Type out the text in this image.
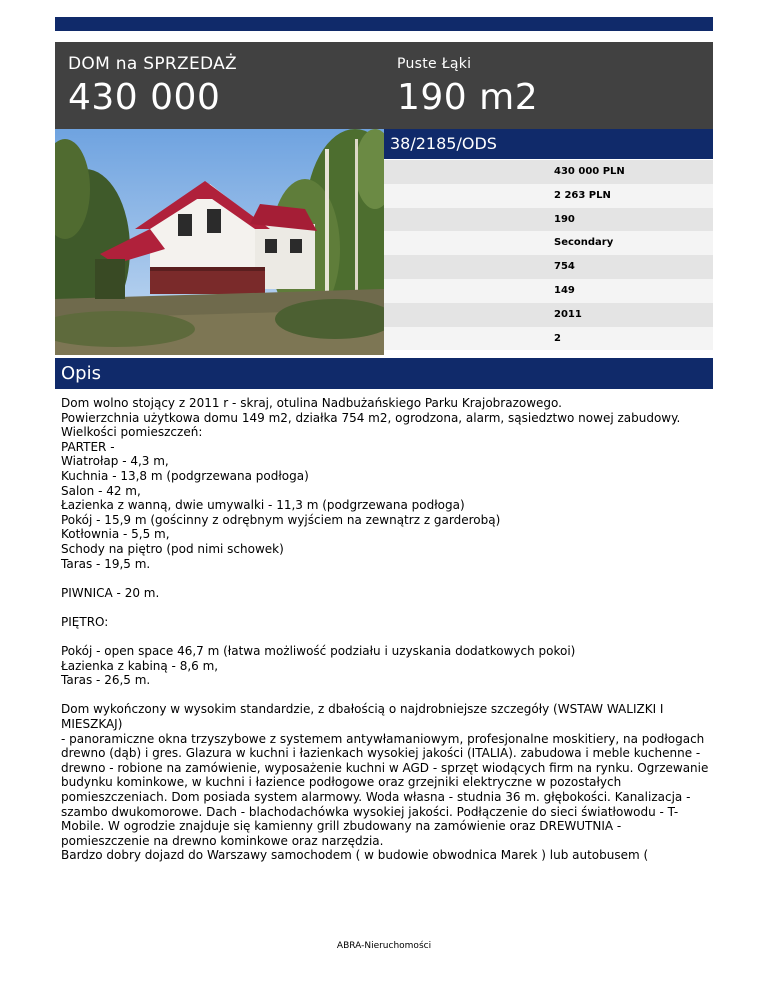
DOM na SPRZEDAŻ
430 000
Puste Łąki
190 m2
38/2185/ODS
430 000 PLN
2 263 PLN
190
Secondary
754
149
2011
2
Opis

Dom wolno stojący z 2011 r - skraj, otulina Nadbużańskiego Parku Krajobrazowego.

Powierzchnia użytkowa domu 149 m2, działka 754 m2, ogrodzona, alarm, sąsiedztwo nowej zabudowy.

Wielkości pomieszczeń:

PARTER -

Wiatrołap - 4,3 m,

Kuchnia - 13,8 m (podgrzewana podłoga)

Salon - 42 m,

Łazienka z wanną, dwie umywalki - 11,3 m (podgrzewana podłoga)

Pokój - 15,9 m (gościnny z odrębnym wyjściem na zewnątrz z garderobą)

Kotłownia - 5,5 m,

Schody na piętro (pod nimi schowek)

Taras - 19,5 m.

PIWNICA - 20 m.

PIĘTRO:

Pokój - open space 46,7 m (łatwa możliwość podziału i uzyskania dodatkowych pokoi)

Łazienka z kabiną - 8,6 m,

Taras - 26,5 m.

Dom wykończony w wysokim standardzie, z dbałością o najdrobniejsze szczegóły (WSTAW WALIZKI I MIESZKAJ)

- panoramiczne okna trzyszybowe z systemem antywłamaniowym, profesjonalne moskitiery, na podłogach drewno (dąb) i gres. Glazura w kuchni i łazienkach wysokiej jakości (ITALIA). zabudowa i meble kuchenne - drewno - robione na zamówienie, wyposażenie kuchni w AGD - sprzęt wiodących firm na rynku. Ogrzewanie budynku kominkowe, w kuchni i łazience podłogowe oraz grzejniki elektryczne w pozostałych pomieszczeniach. Dom posiada system alarmowy. Woda własna - studnia 36 m. głębokości. Kanalizacja - szambo dwukomorowe. Dach - blachodachówka wysokiej jakości. Podłączenie do sieci światłowodu - T-Mobile. W ogrodzie znajduje się kamienny grill zbudowany na zamówienie oraz DREWUTNIA - pomieszczenie na drewno kominkowe oraz narzędzia.

Bardzo dobry dojazd do Warszawy samochodem ( w budowie obwodnica Marek ) lub autobusem (

ABRA-Nieruchomości
